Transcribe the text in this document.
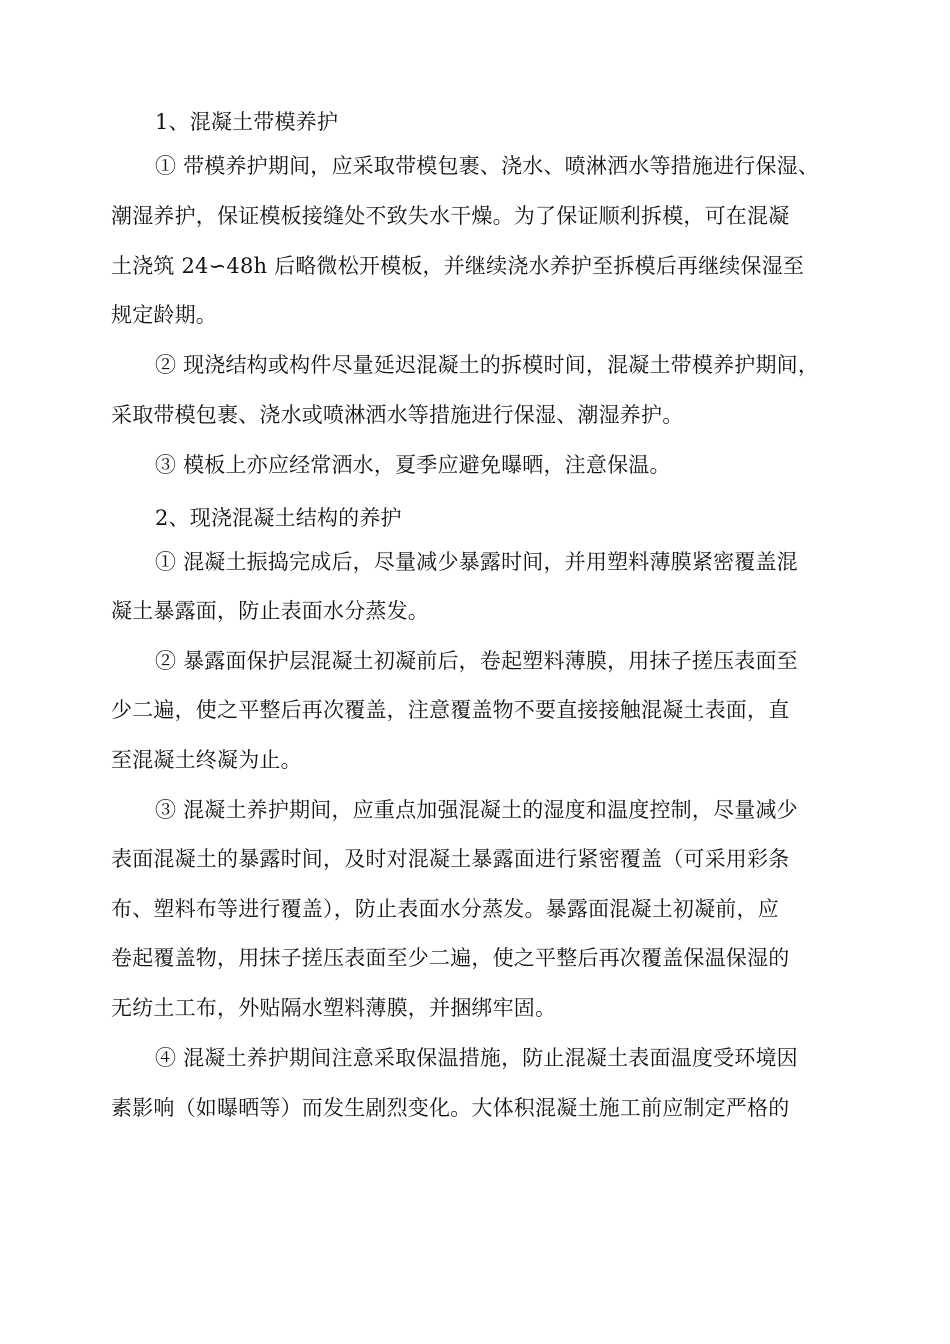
1、混凝土带模养护
① 带模养护期间，应采取带模包裹、浇水、喷淋洒水等措施进行保湿、
潮湿养护，保证模板接缝处不致失水干燥。为了保证顺利拆模，可在混凝
土浇筑 24∽48h 后略微松开模板，并继续浇水养护至拆模后再继续保湿至
规定龄期。
② 现浇结构或构件尽量延迟混凝土的拆模时间，混凝土带模养护期间，
采取带模包裹、浇水或喷淋洒水等措施进行保湿、潮湿养护。
③ 模板上亦应经常洒水，夏季应避免曝晒，注意保温。
2、现浇混凝土结构的养护
① 混凝土振捣完成后，尽量减少暴露时间，并用塑料薄膜紧密覆盖混
凝土暴露面，防止表面水分蒸发。
② 暴露面保护层混凝土初凝前后，卷起塑料薄膜，用抹子搓压表面至
少二遍，使之平整后再次覆盖，注意覆盖物不要直接接触混凝土表面，直
至混凝土终凝为止。
③ 混凝土养护期间，应重点加强混凝土的湿度和温度控制，尽量减少
表面混凝土的暴露时间，及时对混凝土暴露面进行紧密覆盖（可采用彩条
布、塑料布等进行覆盖），防止表面水分蒸发。暴露面混凝土初凝前，应
卷起覆盖物，用抹子搓压表面至少二遍，使之平整后再次覆盖保温保湿的
无纺土工布，外贴隔水塑料薄膜，并捆绑牢固。
④ 混凝土养护期间注意采取保温措施，防止混凝土表面温度受环境因
素影响（如曝晒等）而发生剧烈变化。大体积混凝土施工前应制定严格的
